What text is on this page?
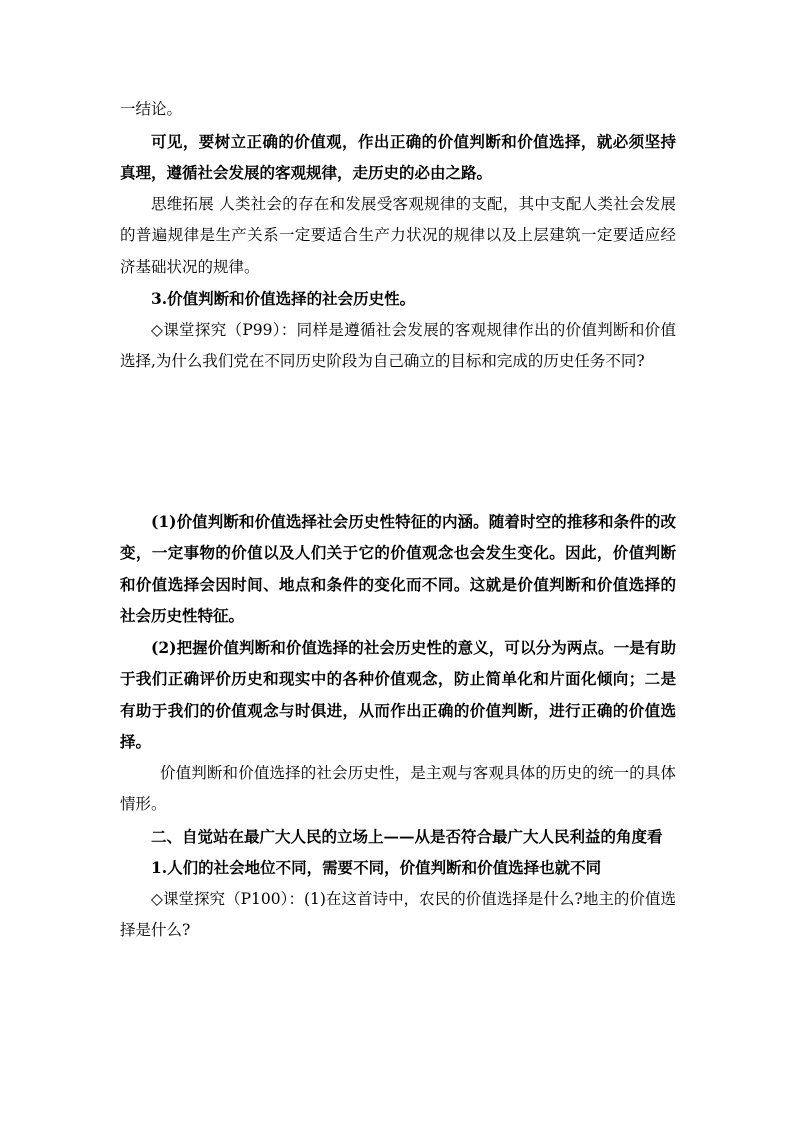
一结论。

可见，要树立正确的价值观，作出正确的价值判断和价值选择，就必须坚持真理，遵循社会发展的客观规律，走历史的必由之路。

思维拓展 人类社会的存在和发展受客观规律的支配，其中支配人类社会发展的普遍规律是生产关系一定要适合生产力状况的规律以及上层建筑一定要适应经济基础状况的规律。

3.价值判断和价值选择的社会历史性。

◇课堂探究（P99）：同样是遵循社会发展的客观规律作出的价值判断和价值选择,为什么我们党在不同历史阶段为自己确立的目标和完成的历史任务不同?

(1)价值判断和价值选择社会历史性特征的内涵。随着时空的推移和条件的改变，一定事物的价值以及人们关于它的价值观念也会发生变化。因此，价值判断和价值选择会因时间、地点和条件的变化而不同。这就是价值判断和价值选择的社会历史性特征。

(2)把握价值判断和价值选择的社会历史性的意义，可以分为两点。一是有助于我们正确评价历史和现实中的各种价值观念，防止简单化和片面化倾向；二是有助于我们的价值观念与时俱进，从而作出正确的价值判断，进行正确的价值选择。

价值判断和价值选择的社会历史性，是主观与客观具体的历史的统一的具体情形。

二、自觉站在最广大人民的立场上——从是否符合最广大人民利益的角度看

1.人们的社会地位不同，需要不同，价值判断和价值选择也就不同

◇课堂探究（P100）：(1)在这首诗中，农民的价值选择是什么?地主的价值选择是什么?
